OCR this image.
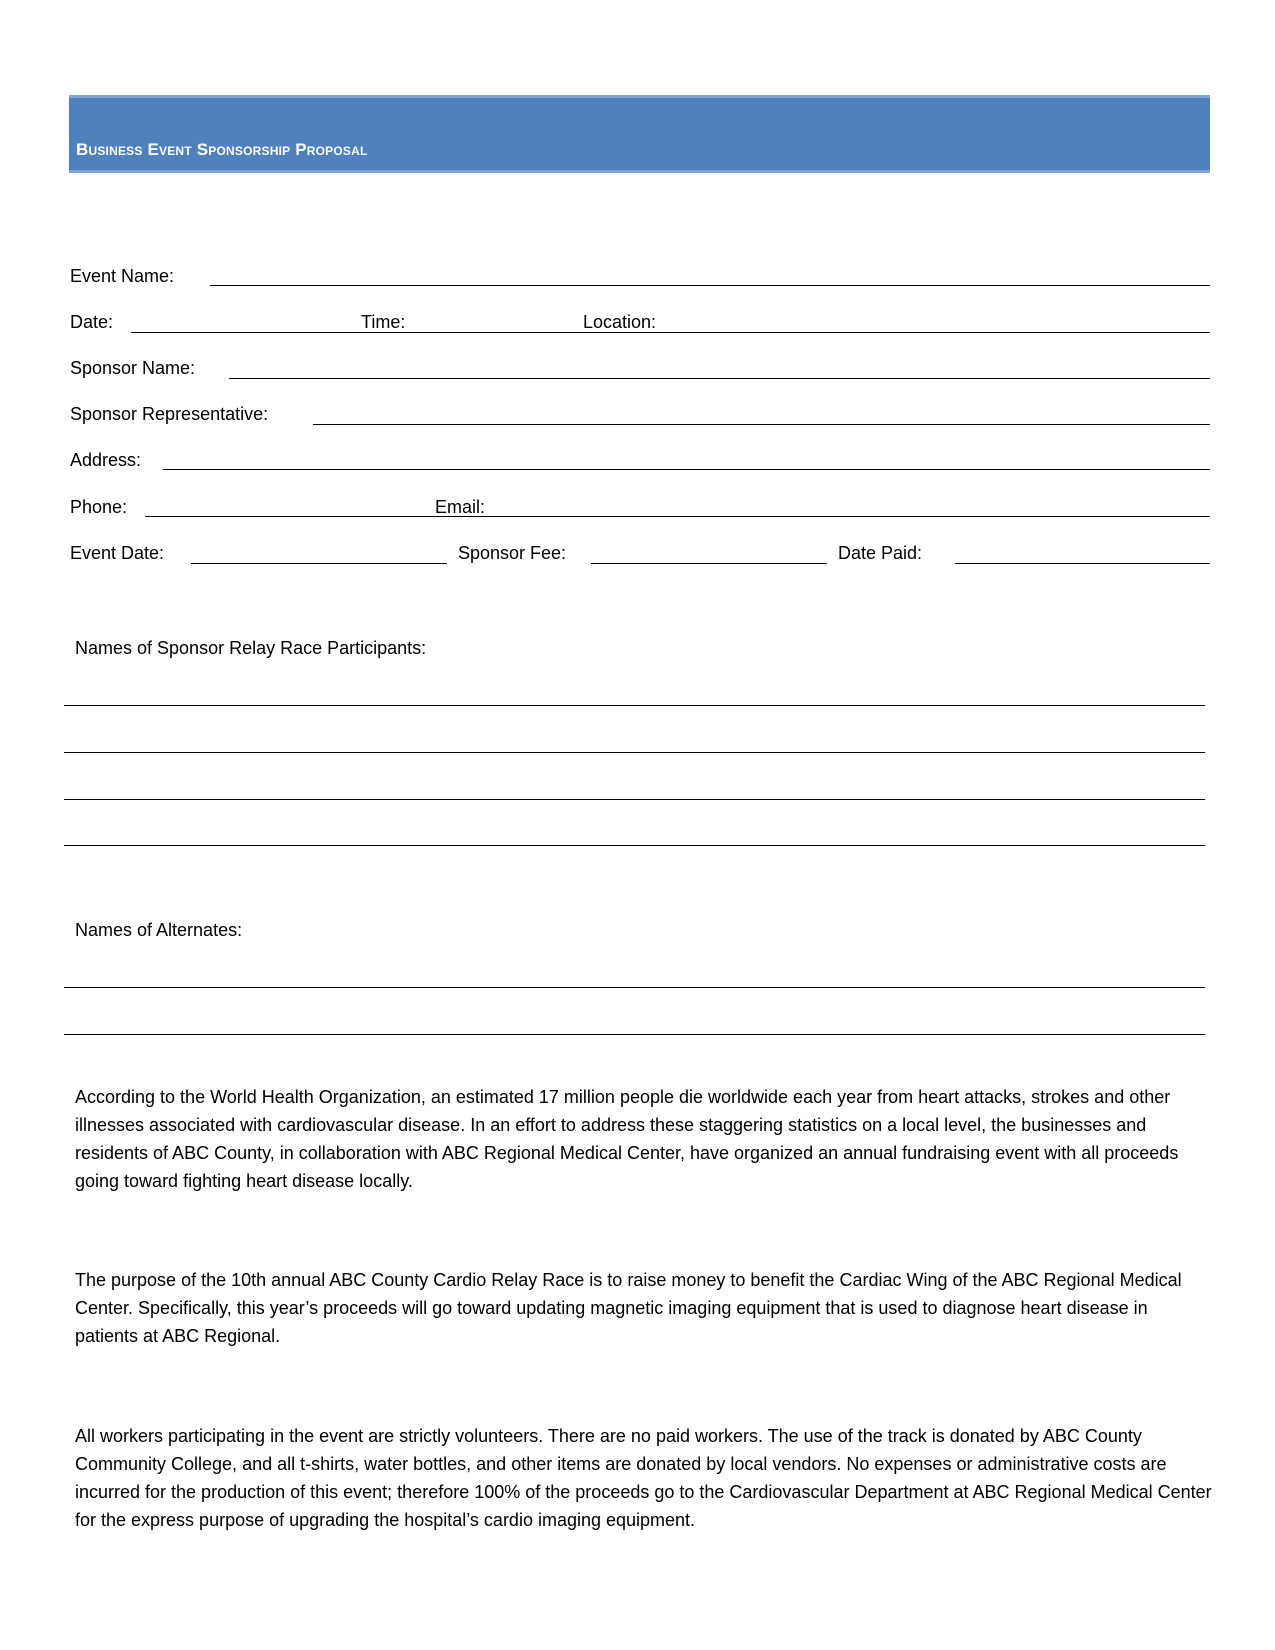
Business Event Sponsorship Proposal
Event Name:
Date:	Time:	Location:
Sponsor Name:
Sponsor Representative:
Address:
Phone:	Email:
Event Date:	Sponsor Fee:	Date Paid:
Names of Sponsor Relay Race Participants:
Names of Alternates:

According to the World Health Organization, an estimated 17 million people die worldwide each year from heart attacks, strokes and other illnesses associated with cardiovascular disease. In an effort to address these staggering statistics on a local level, the businesses and residents of ABC County, in collaboration with ABC Regional Medical Center, have organized an annual fundraising event with all proceeds going toward fighting heart disease locally.

The purpose of the 10th annual ABC County Cardio Relay Race is to raise money to benefit the Cardiac Wing of the ABC Regional Medical Center. Specifically, this year’s proceeds will go toward updating magnetic imaging equipment that is used to diagnose heart disease in patients at ABC Regional.

All workers participating in the event are strictly volunteers. There are no paid workers. The use of the track is donated by ABC County Community College, and all t-shirts, water bottles, and other items are donated by local vendors. No expenses or administrative costs are incurred for the production of this event; therefore 100% of the proceeds go to the Cardiovascular Department at ABC Regional Medical Center for the express purpose of upgrading the hospital’s cardio imaging equipment.
